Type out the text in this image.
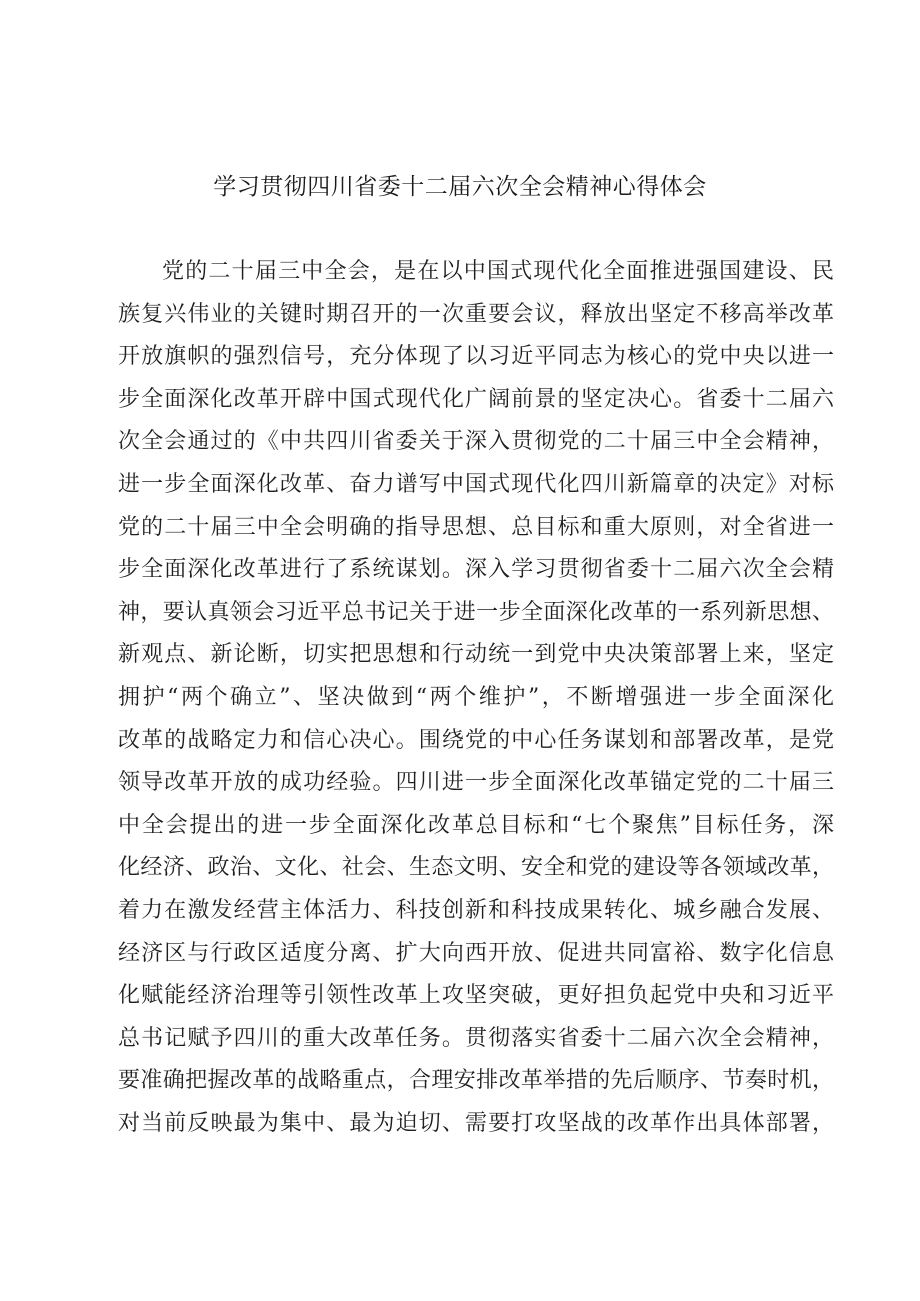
学习贯彻四川省委十二届六次全会精神心得体会
党的二十届三中全会，是在以中国式现代化全面推进强国建设、民
族复兴伟业的关键时期召开的一次重要会议，释放出坚定不移高举改革
开放旗帜的强烈信号，充分体现了以习近平同志为核心的党中央以进一
步全面深化改革开辟中国式现代化广阔前景的坚定决心。省委十二届六
次全会通过的《中共四川省委关于深入贯彻党的二十届三中全会精神，
进一步全面深化改革、奋力谱写中国式现代化四川新篇章的决定》对标
党的二十届三中全会明确的指导思想、总目标和重大原则，对全省进一
步全面深化改革进行了系统谋划。深入学习贯彻省委十二届六次全会精
神，要认真领会习近平总书记关于进一步全面深化改革的一系列新思想、
新观点、新论断，切实把思想和行动统一到党中央决策部署上来，坚定
拥护“两个确立”、坚决做到“两个维护”，不断增强进一步全面深化
改革的战略定力和信心决心。围绕党的中心任务谋划和部署改革，是党
领导改革开放的成功经验。四川进一步全面深化改革锚定党的二十届三
中全会提出的进一步全面深化改革总目标和“七个聚焦”目标任务，深
化经济、政治、文化、社会、生态文明、安全和党的建设等各领域改革，
着力在激发经营主体活力、科技创新和科技成果转化、城乡融合发展、
经济区与行政区适度分离、扩大向西开放、促进共同富裕、数字化信息
化赋能经济治理等引领性改革上攻坚突破，更好担负起党中央和习近平
总书记赋予四川的重大改革任务。贯彻落实省委十二届六次全会精神，
要准确把握改革的战略重点，合理安排改革举措的先后顺序、节奏时机，
对当前反映最为集中、最为迫切、需要打攻坚战的改革作出具体部署，
